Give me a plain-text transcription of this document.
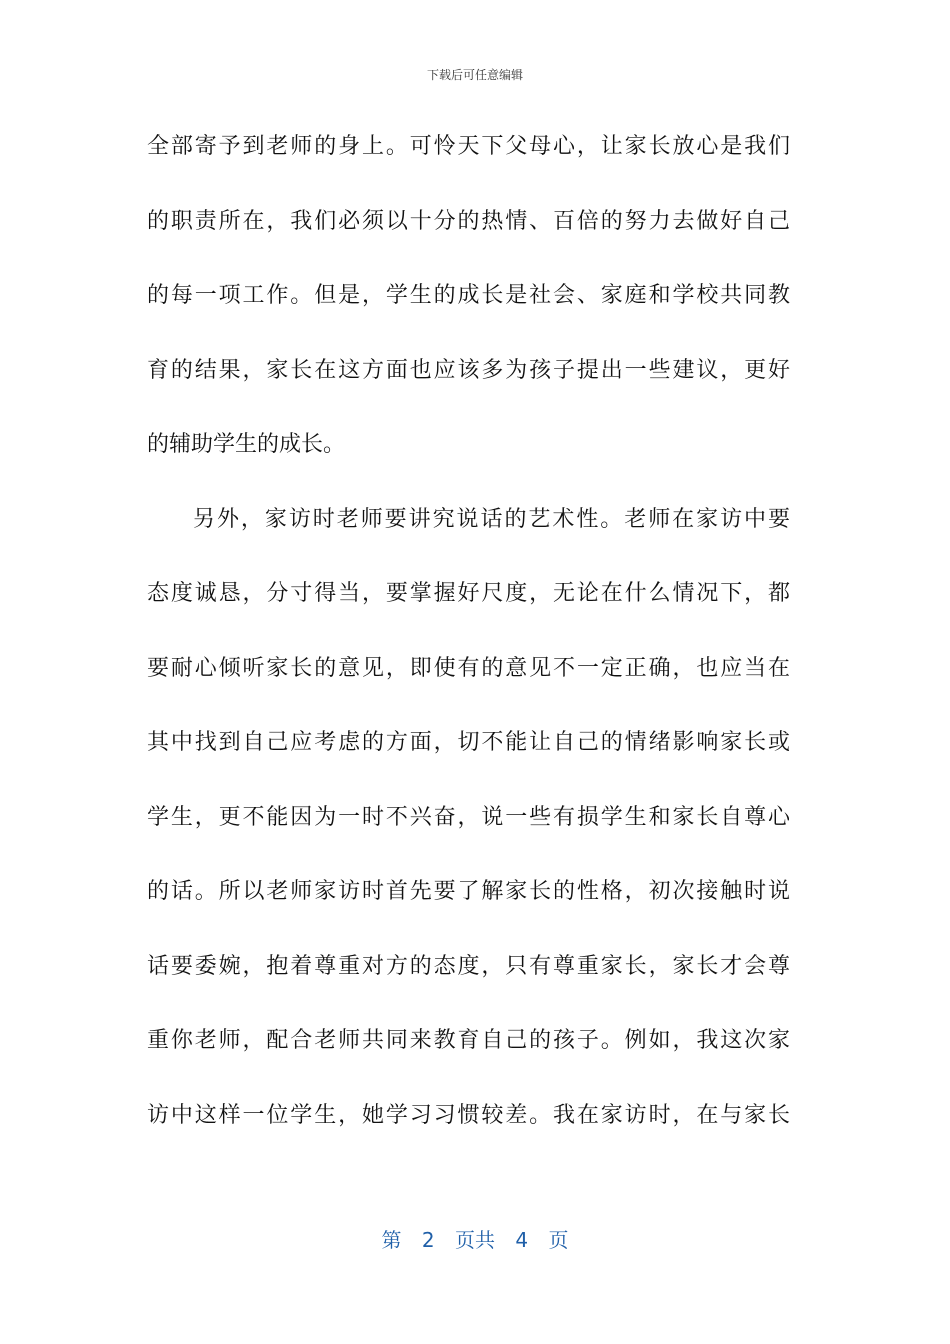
下载后可任意编辑
全部寄予到老师的身上。可怜天下父母心，让家长放心是我们
的职责所在，我们必须以十分的热情、百倍的努力去做好自己
的每一项工作。但是，学生的成长是社会、家庭和学校共同教
育的结果，家长在这方面也应该多为孩子提出一些建议，更好
的辅助学生的成长。
另外，家访时老师要讲究说话的艺术性。老师在家访中要
态度诚恳，分寸得当，要掌握好尺度，无论在什么情况下，都
要耐心倾听家长的意见，即使有的意见不一定正确，也应当在
其中找到自己应考虑的方面，切不能让自己的情绪影响家长或
学生，更不能因为一时不兴奋，说一些有损学生和家长自尊心
的话。所以老师家访时首先要了解家长的性格，初次接触时说
话要委婉，抱着尊重对方的态度，只有尊重家长，家长才会尊
重你老师，配合老师共同来教育自己的孩子。例如，我这次家
访中这样一位学生，她学习习惯较差。我在家访时，在与家长
第 2 页共 4 页
